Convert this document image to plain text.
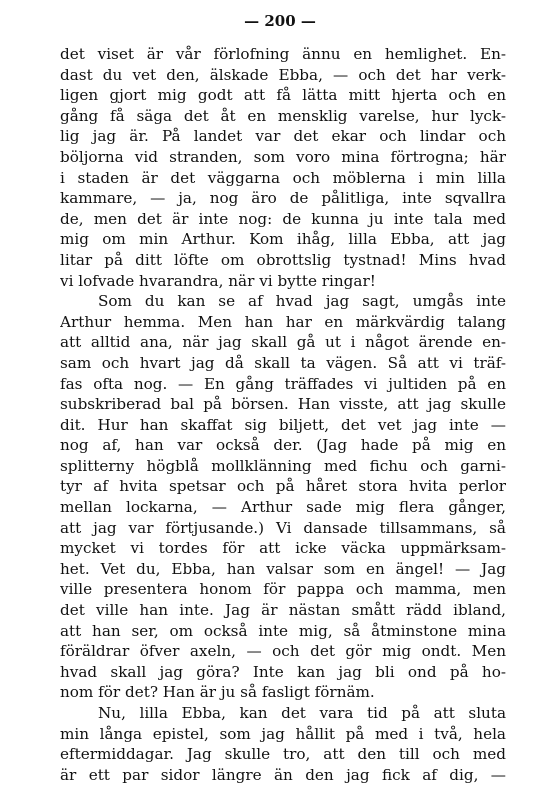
— 200 —
det viset är vår förlofning ännu en hemlighet. En-
dast du vet den, älskade Ebba, — och det har verk-
ligen gjort mig godt att få lätta mitt hjerta och en
gång få säga det åt en mensklig varelse, hur lyck-
lig jag är. På landet var det ekar och lindar och
böljorna vid stranden, som voro mina förtrogna; här
i staden är det väggarna och möblerna i min lilla
kammare, — ja, nog äro de pålitliga, inte sqvallra
de, men det är inte nog: de kunna ju inte tala med
mig om min Arthur. Kom ihåg, lilla Ebba, att jag
litar på ditt löfte om obrottslig tystnad! Mins hvad
vi lofvade hvarandra, när vi bytte ringar!
Som du kan se af hvad jag sagt, umgås inte
Arthur hemma. Men han har en märkvärdig talang
att alltid ana, när jag skall gå ut i något ärende en-
sam och hvart jag då skall ta vägen. Så att vi träf-
fas ofta nog. — En gång träffades vi jultiden på en
subskriberad bal på börsen. Han visste, att jag skulle
dit. Hur han skaffat sig biljett, det vet jag inte —
nog af, han var också der. (Jag hade på mig en
splitterny högblå mollklänning med fichu och garni-
tyr af hvita spetsar och på håret stora hvita perlor
mellan lockarna, — Arthur sade mig flera gånger,
att jag var förtjusande.) Vi dansade tillsammans, så
mycket vi tordes för att icke väcka uppmärksam-
het. Vet du, Ebba, han valsar som en ängel! — Jag
ville presentera honom för pappa och mamma, men
det ville han inte. Jag är nästan smått rädd ibland,
att han ser, om också inte mig, så åtminstone mina
föräldrar öfver axeln, — och det gör mig ondt. Men
hvad skall jag göra? Inte kan jag bli ond på ho-
nom för det? Han är ju så fasligt förnäm.
Nu, lilla Ebba, kan det vara tid på att sluta
min långa epistel, som jag hållit på med i två, hela
eftermiddagar. Jag skulle tro, att den till och med
är ett par sidor längre än den jag fick af dig, —
